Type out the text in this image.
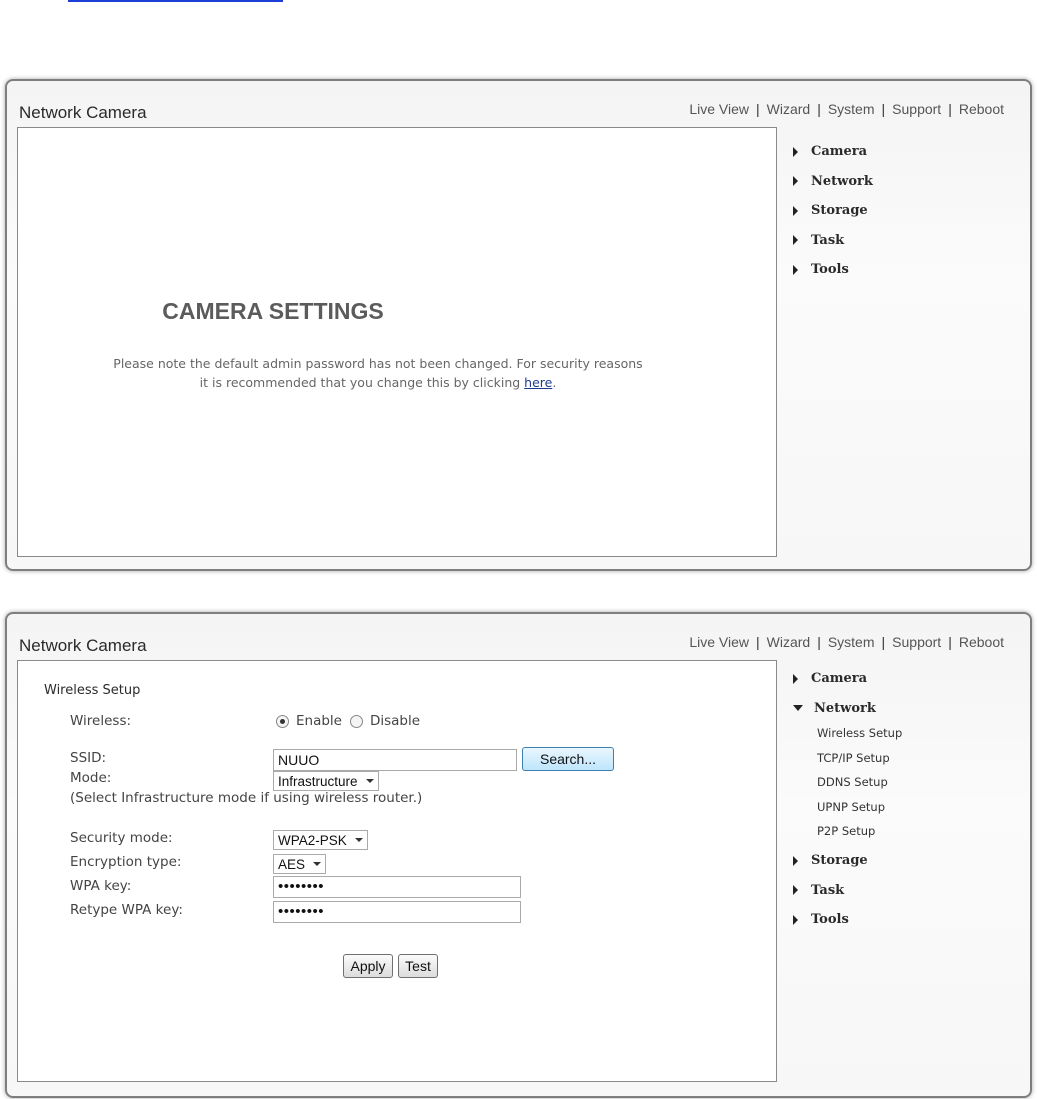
Network Camera	Live View | Wizard | System | Support | Reboot
CAMERA SETTINGS
Please note the default admin password has not been changed. For security reasons
it is recommended that you change this by clicking here.
Camera
Network
Storage
Task
Tools
Network Camera	Live View | Wizard | System | Support | Reboot
Wireless Setup
Wireless:	Enable Disable
SSID:	NUUO	Search...
Mode:	Infrastructure
(Select Infrastructure mode if using wireless router.)
Security mode:	WPA2-PSK
Encryption type:	AES
WPA key:	••••••••
Retype WPA key:	••••••••
Apply	Test
Camera
Network
Wireless Setup
TCP/IP Setup
DDNS Setup
UPNP Setup
P2P Setup
Storage
Task
Tools
